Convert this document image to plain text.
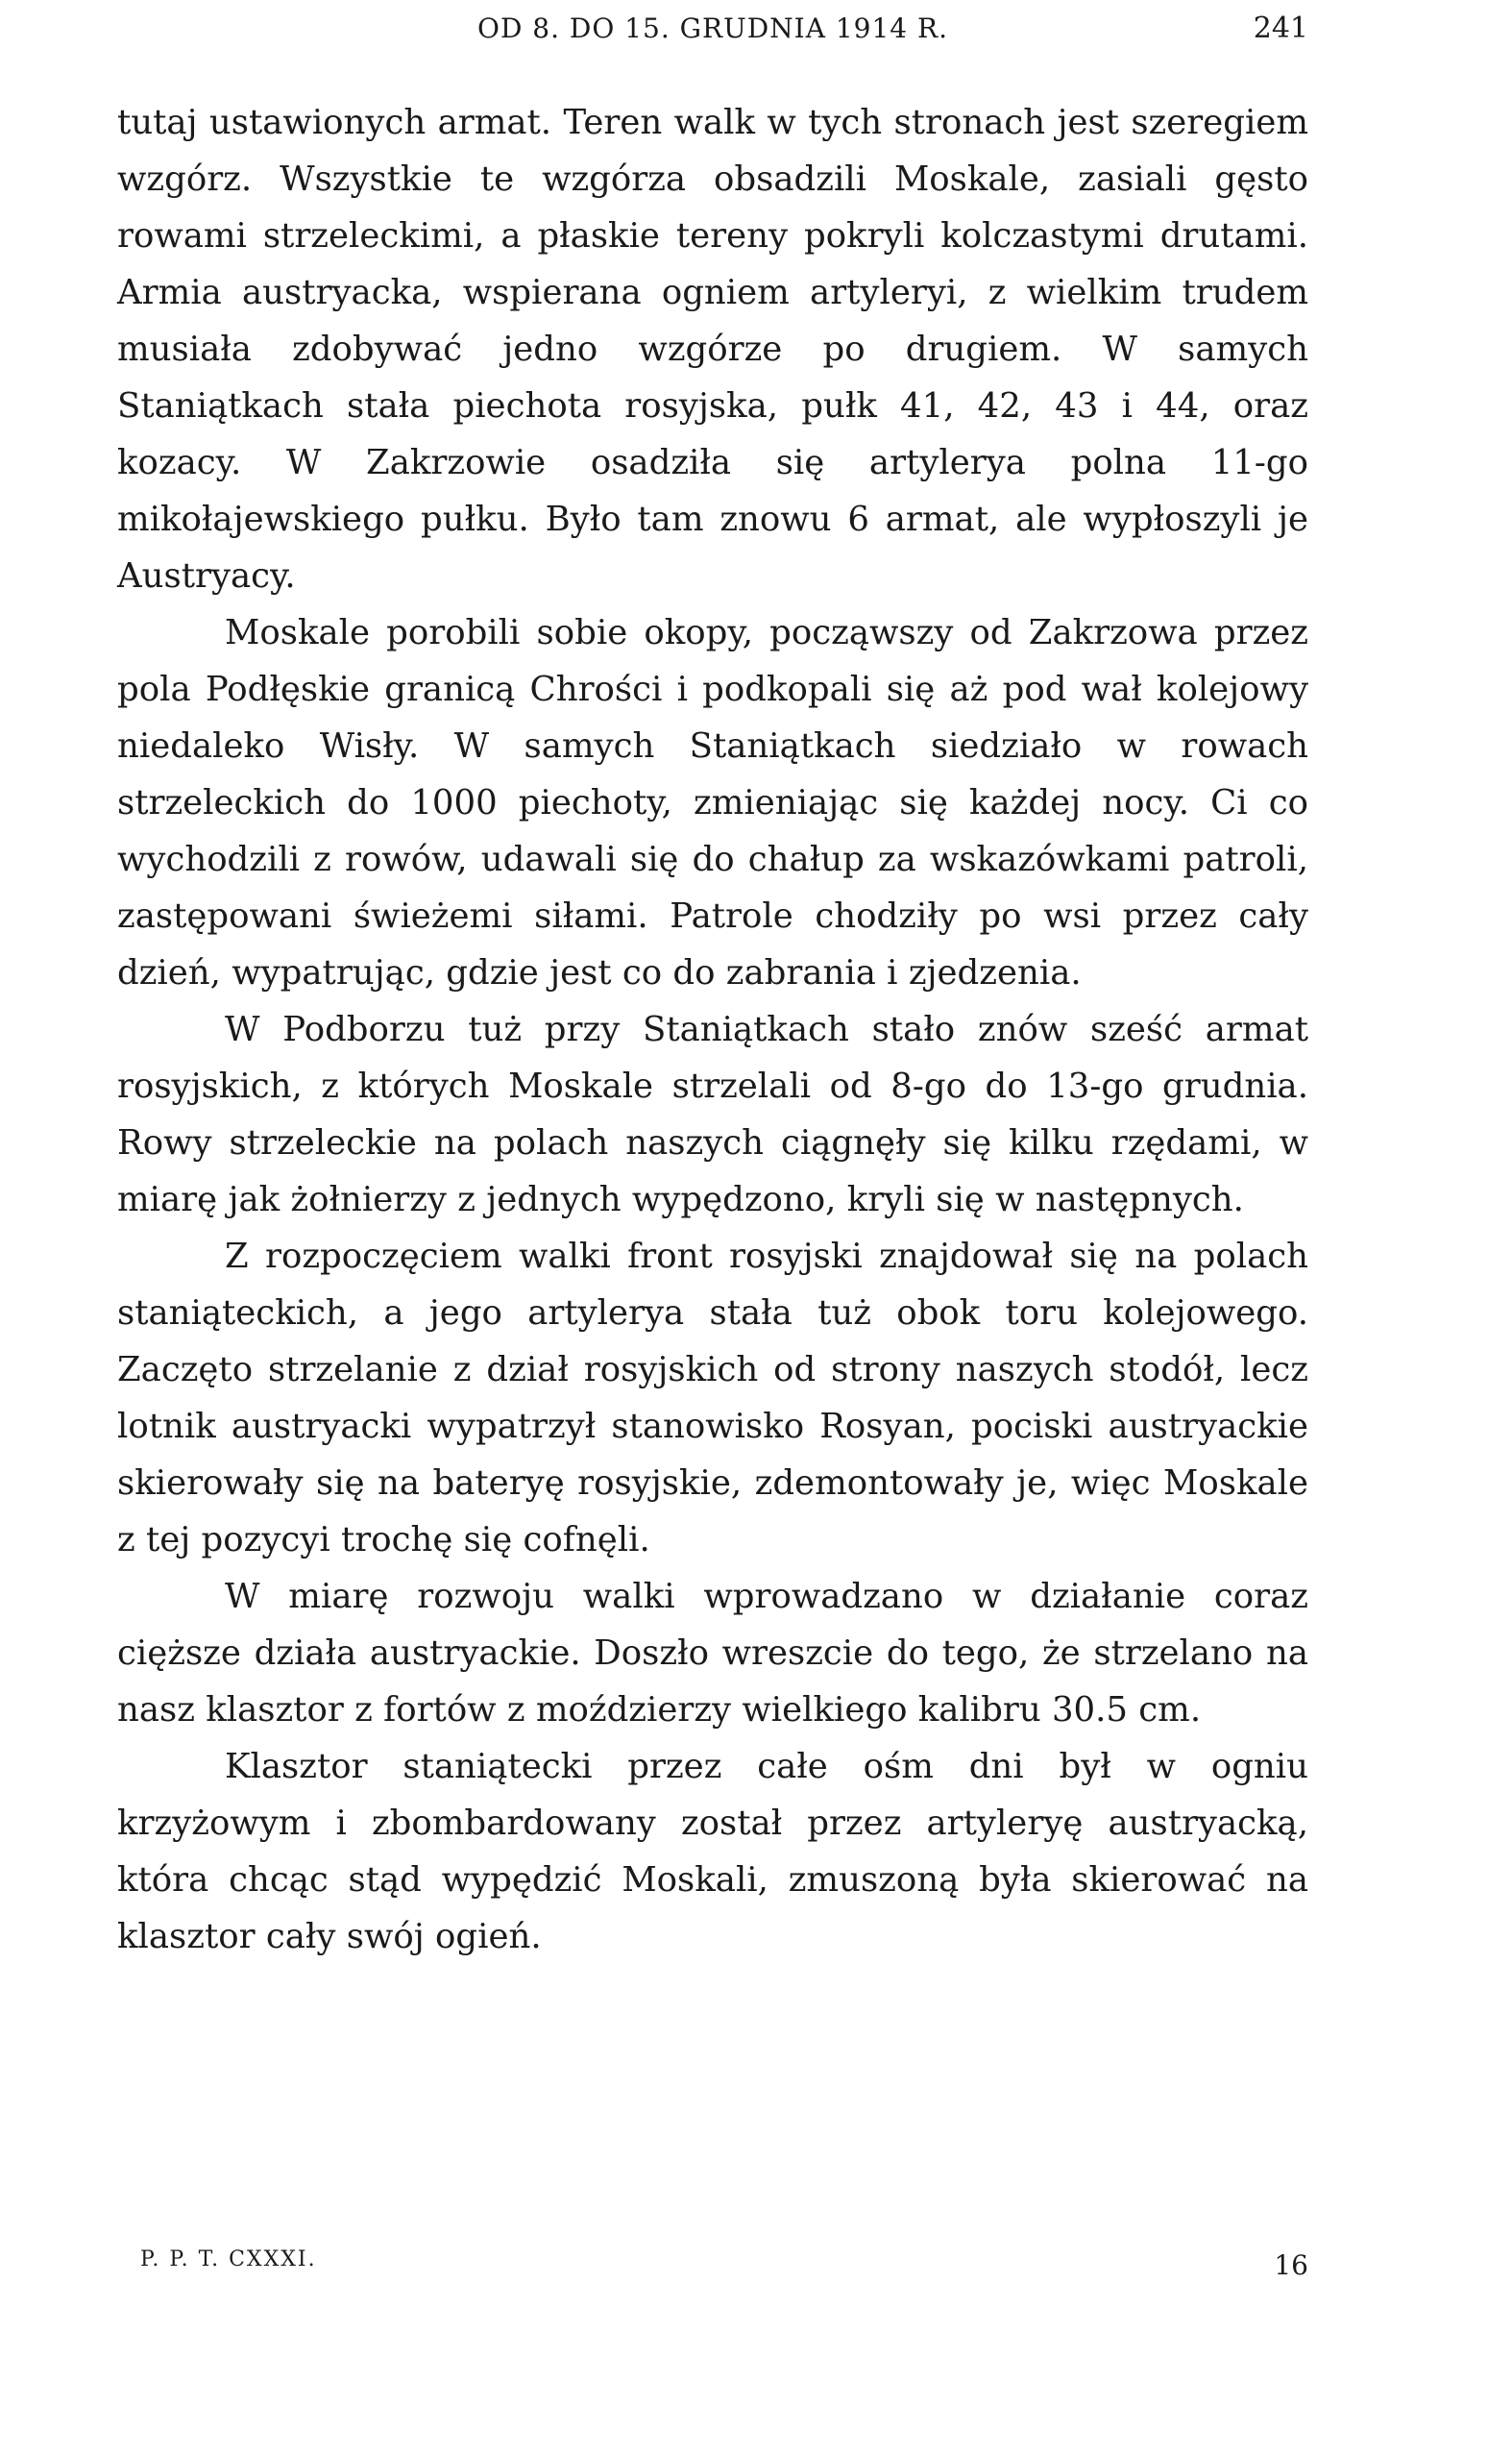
OD 8. DO 15. GRUDNIA 1914 R.	241

tutaj ustawionych armat. Teren walk w tych stronach jest szeregiem wzgórz. Wszystkie te wzgórza obsadzili Moskale, zasiali gęsto rowami strzeleckimi, a płaskie tereny pokryli kolczastymi drutami. Armia austryacka, wspierana ogniem artyleryi, z wielkim trudem musiała zdobywać jedno wzgórze po drugiem. W samych Staniątkach stała piechota rosyjska, pułk 41, 42, 43 i 44, oraz kozacy. W Zakrzowie osadziła się artylerya polna 11-go mikołajewskiego pułku. Było tam znowu 6 armat, ale wypłoszyli je Austryacy.

Moskale porobili sobie okopy, począwszy od Zakrzowa przez pola Podłęskie granicą Chrości i podkopali się aż pod wał kolejowy niedaleko Wisły. W samych Staniątkach siedziało w rowach strzeleckich do 1000 piechoty, zmieniając się każdej nocy. Ci co wychodzili z rowów, udawali się do chałup za wskazówkami patroli, zastępowani świeżemi siłami. Patrole chodziły po wsi przez cały dzień, wypatrując, gdzie jest co do zabrania i zjedzenia.

W Podborzu tuż przy Staniątkach stało znów sześć armat rosyjskich, z których Moskale strzelali od 8-go do 13-go grudnia. Rowy strzeleckie na polach naszych ciągnęły się kilku rzędami, w miarę jak żołnierzy z jednych wypędzono, kryli się w następnych.

Z rozpoczęciem walki front rosyjski znajdował się na polach staniąteckich, a jego artylerya stała tuż obok toru kolejowego. Zaczęto strzelanie z dział rosyjskich od strony naszych stodół, lecz lotnik austryacki wypatrzył stanowisko Rosyan, pociski austryackie skierowały się na bateryę rosyjskie, zdemontowały je, więc Moskale z tej pozycyi trochę się cofnęli.

W miarę rozwoju walki wprowadzano w działanie coraz cięższe działa austryackie. Doszło wreszcie do tego, że strzelano na nasz klasztor z fortów z moździerzy wielkiego kalibru 30.5 cm.

Klasztor staniątecki przez całe ośm dni był w ogniu krzyżowym i zbombardowany został przez artyleryę austryacką, która chcąc stąd wypędzić Moskali, zmuszoną była skierować na klasztor cały swój ogień.

P. P. T. CXXXI.	16
